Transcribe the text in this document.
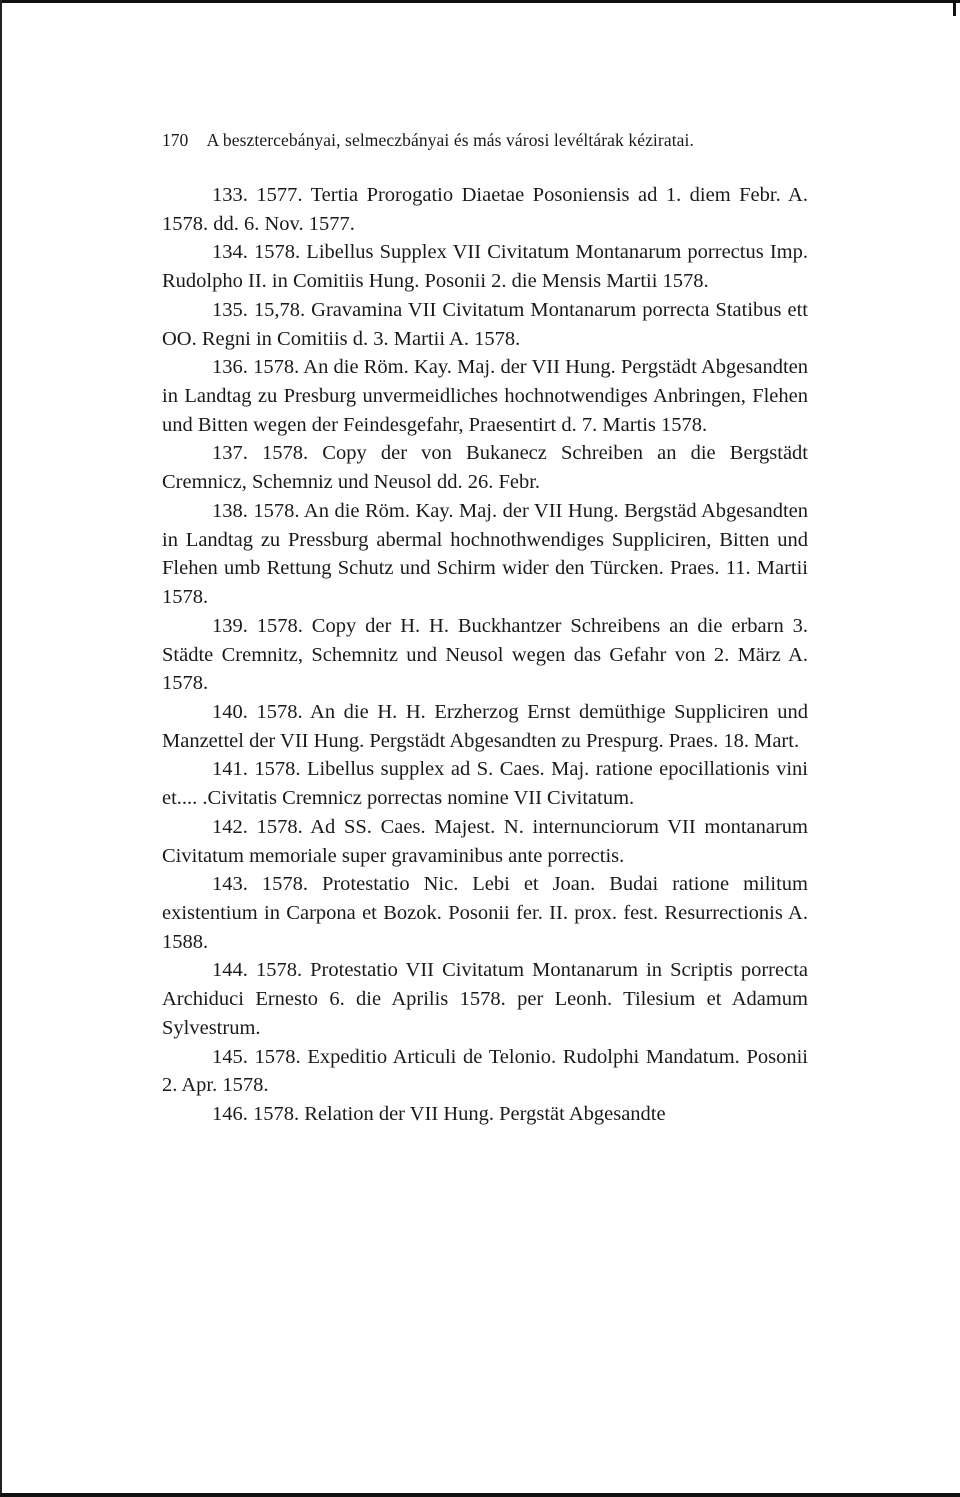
170 A besztercebányai, selmeczbányai és más városi levéltárak kéziratai.

133. 1577. Tertia Prorogatio Diaetae Posoniensis ad 1. diem Febr. A. 1578. dd. 6. Nov. 1577.

134. 1578. Libellus Supplex VII Civitatum Montanarum porrectus Imp. Rudolpho II. in Comitiis Hung. Posonii 2. die Mensis Martii 1578.

135. 15,78. Gravamina VII Civitatum Montanarum porrecta Statibus ett OO. Regni in Comitiis d. 3. Martii A. 1578.

136. 1578. An die Röm. Kay. Maj. der VII Hung. Pergstädt Abgesandten in Landtag zu Presburg unvermeidliches hochnotwendiges Anbringen, Flehen und Bitten wegen der Feindesgefahr, Praesentirt d. 7. Martis 1578.

137. 1578. Copy der von Bukanecz Schreiben an die Bergstädt Cremnicz, Schemniz und Neusol dd. 26. Febr.

138. 1578. An die Röm. Kay. Maj. der VII Hung. Bergstäd Abgesandten in Landtag zu Pressburg abermal hochnothwendiges Suppliciren, Bitten und Flehen umb Rettung Schutz und Schirm wider den Türcken. Praes. 11. Martii 1578.

139. 1578. Copy der H. H. Buckhantzer Schreibens an die erbarn 3. Städte Cremnitz, Schemnitz und Neusol wegen das Gefahr von 2. März A. 1578.

140. 1578. An die H. H. Erzherzog Ernst demüthige Suppliciren und Manzettel der VII Hung. Pergstädt Abgesandten zu Prespurg. Praes. 18. Mart.

141. 1578. Libellus supplex ad S. Caes. Maj. ratione epocillationis vini et.... .Civitatis Cremnicz porrectas nomine VII Civitatum.

142. 1578. Ad SS. Caes. Majest. N. internunciorum VII montanarum Civitatum memoriale super gravaminibus ante porrectis.

143. 1578. Protestatio Nic. Lebi et Joan. Budai ratione militum existentium in Carpona et Bozok. Posonii fer. II. prox. fest. Resurrectionis A. 1588.

144. 1578. Protestatio VII Civitatum Montanarum in Scriptis porrecta Archiduci Ernesto 6. die Aprilis 1578. per Leonh. Tilesium et Adamum Sylvestrum.

145. 1578. Expeditio Articuli de Telonio. Rudolphi Mandatum. Posonii 2. Apr. 1578.

146. 1578. Relation der VII Hung. Pergstät Abgesandte
